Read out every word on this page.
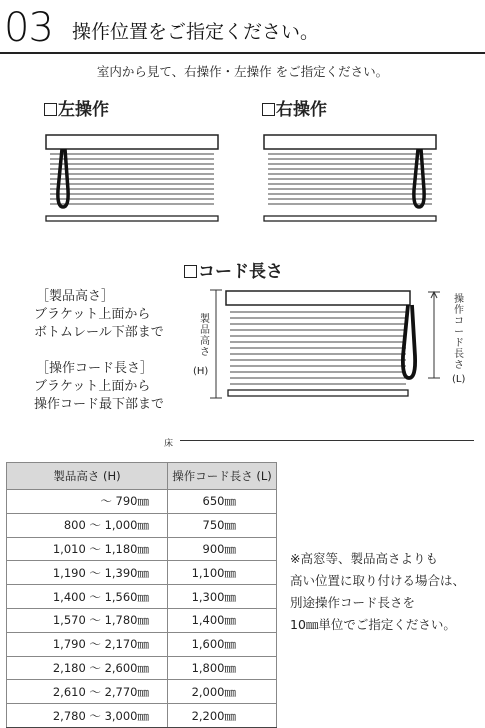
03 操作位置をご指定ください。
室内から見て、右操作・左操作 をご指定ください。
左操作	右操作
コード長さ
［製品高さ］
ブラケット上面から
ボトムレール下部まで
［操作コード長さ］
ブラケット上面から
操作コード最下部まで
製品高さ
(H)
操作コード長さ
(L)
床
製品高さ (H)	操作コード長さ (L)
～ 790㎜	650㎜
800 ～ 1,000㎜	750㎜
1,010 ～ 1,180㎜	900㎜
1,190 ～ 1,390㎜	1,100㎜
1,400 ～ 1,560㎜	1,300㎜
1,570 ～ 1,780㎜	1,400㎜
1,790 ～ 2,170㎜	1,600㎜
2,180 ～ 2,600㎜	1,800㎜
2,610 ～ 2,770㎜	2,000㎜
2,780 ～ 3,000㎜	2,200㎜
※高窓等、製品高さよりも
高い位置に取り付ける場合は、
別途操作コード長さを
10㎜単位でご指定ください。
